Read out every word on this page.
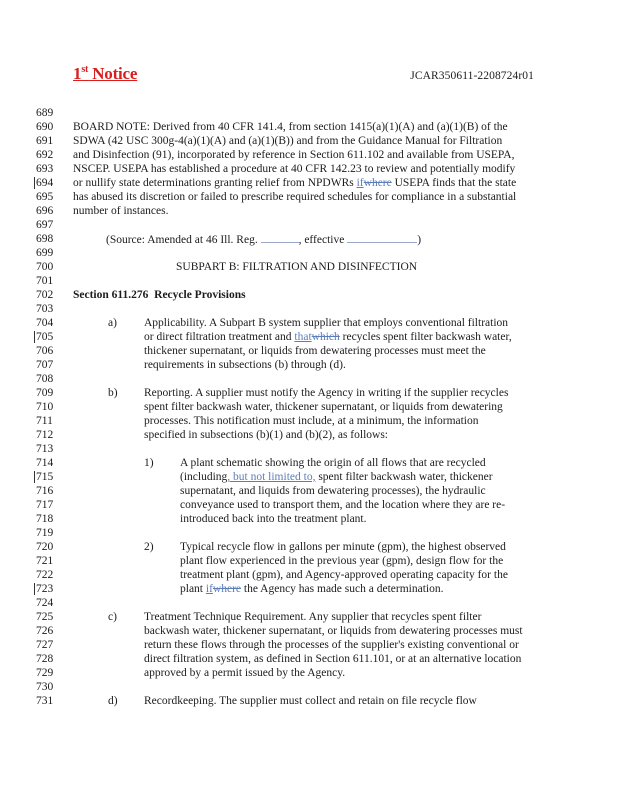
1st Notice	JCAR350611-2208724r01
689
690
691
692
693
694
695
696
697
698
699
700
701
702
703
704
705
706
707
708
709
710
711
712
713
714
715
716
717
718
719
720
721
722
723
724
725
726
727
728
729
730
731
BOARD NOTE: Derived from 40 CFR 141.4, from section 1415(a)(1)(A) and (a)(1)(B) of the
SDWA (42 USC 300g-4(a)(1)(A) and (a)(1)(B)) and from the Guidance Manual for Filtration
and Disinfection (91), incorporated by reference in Section 611.102 and available from USEPA,
NSCEP. USEPA has established a procedure at 40 CFR 142.23 to review and potentially modify
or nullify state determinations granting relief from NPDWRs ifwhere USEPA finds that the state
has abused its discretion or failed to prescribe required schedules for compliance in a substantial
number of instances.
(Source: Amended at 46 Ill. Reg.	, effective	)
SUBPART B: FILTRATION AND DISINFECTION
Section 611.276 Recycle Provisions
a) Applicability. A Subpart B system supplier that employs conventional filtration
or direct filtration treatment and thatwhich recycles spent filter backwash water,
thickener supernatant, or liquids from dewatering processes must meet the
requirements in subsections (b) through (d).
b) Reporting. A supplier must notify the Agency in writing if the supplier recycles
spent filter backwash water, thickener supernatant, or liquids from dewatering
processes. This notification must include, at a minimum, the information
specified in subsections (b)(1) and (b)(2), as follows:
1) A plant schematic showing the origin of all flows that are recycled
(including, but not limited to, spent filter backwash water, thickener
supernatant, and liquids from dewatering processes), the hydraulic
conveyance used to transport them, and the location where they are re-
introduced back into the treatment plant.
2) Typical recycle flow in gallons per minute (gpm), the highest observed
plant flow experienced in the previous year (gpm), design flow for the
treatment plant (gpm), and Agency-approved operating capacity for the
plant ifwhere the Agency has made such a determination.
c) Treatment Technique Requirement. Any supplier that recycles spent filter
backwash water, thickener supernatant, or liquids from dewatering processes must
return these flows through the processes of the supplier's existing conventional or
direct filtration system, as defined in Section 611.101, or at an alternative location
approved by a permit issued by the Agency.
d) Recordkeeping. The supplier must collect and retain on file recycle flow
